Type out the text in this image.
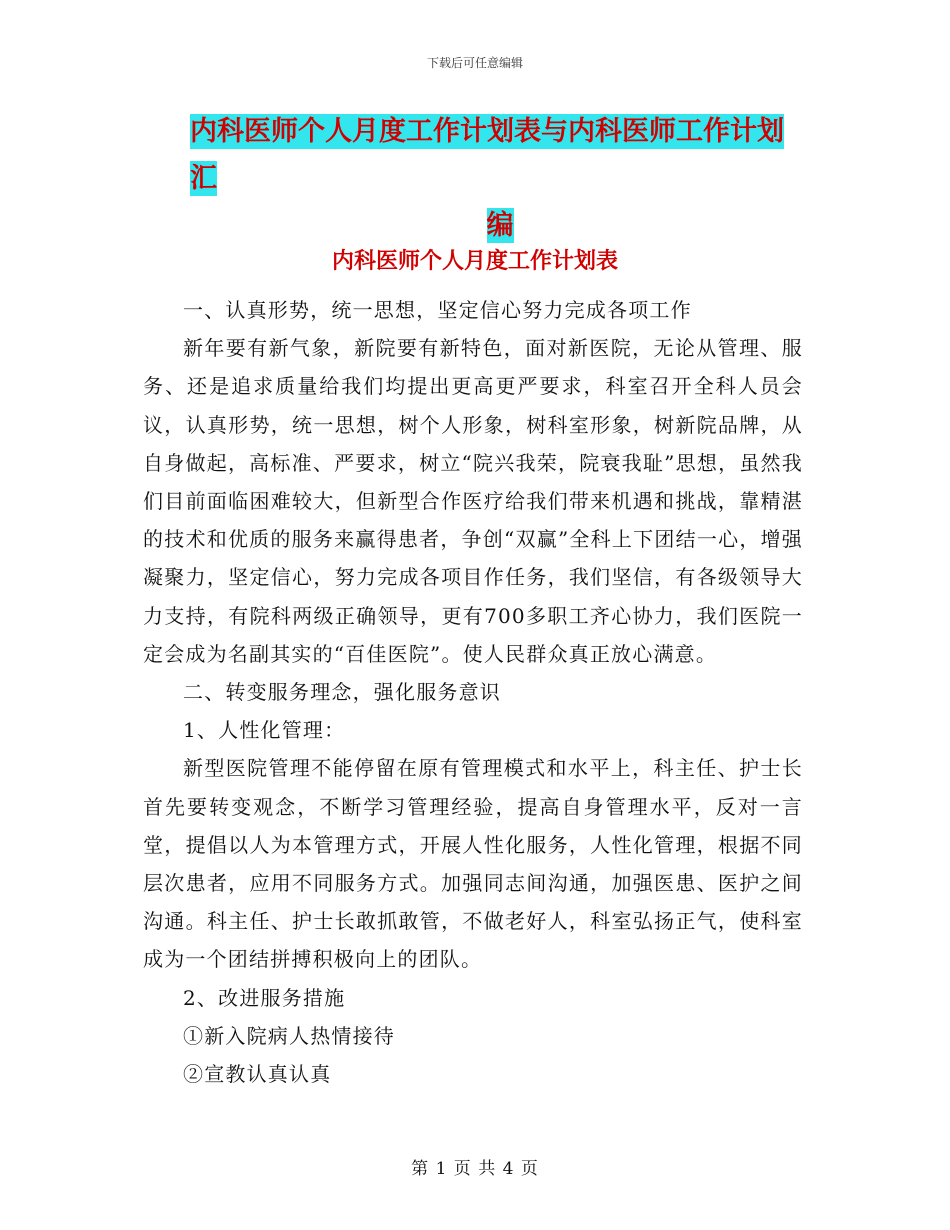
下载后可任意编辑
内科医师个人月度工作计划表与内科医师工作计划汇
编
内科医师个人月度工作计划表

一、认真形势，统一思想，坚定信心努力完成各项工作

新年要有新气象，新院要有新特色，面对新医院，无论从管理、服务、还是追求质量给我们均提出更高更严要求，科室召开全科人员会议，认真形势，统一思想，树个人形象，树科室形象，树新院品牌，从自身做起，高标准、严要求，树立“院兴我荣，院衰我耻”思想，虽然我们目前面临困难较大，但新型合作医疗给我们带来机遇和挑战，靠精湛的技术和优质的服务来赢得患者，争创“双赢”全科上下团结一心，增强凝聚力，坚定信心，努力完成各项目作任务，我们坚信，有各级领导大力支持，有院科两级正确领导，更有700多职工齐心协力，我们医院一定会成为名副其实的“百佳医院”。使人民群众真正放心满意。

二、转变服务理念，强化服务意识

1、人性化管理：

新型医院管理不能停留在原有管理模式和水平上，科主任、护士长首先要转变观念，不断学习管理经验，提高自身管理水平，反对一言堂，提倡以人为本管理方式，开展人性化服务，人性化管理，根据不同层次患者，应用不同服务方式。加强同志间沟通，加强医患、医护之间沟通。科主任、护士长敢抓敢管，不做老好人，科室弘扬正气，使科室成为一个团结拼搏积极向上的团队。

2、改进服务措施

①新入院病人热情接待

②宣教认真认真

第 1 页 共 4 页
